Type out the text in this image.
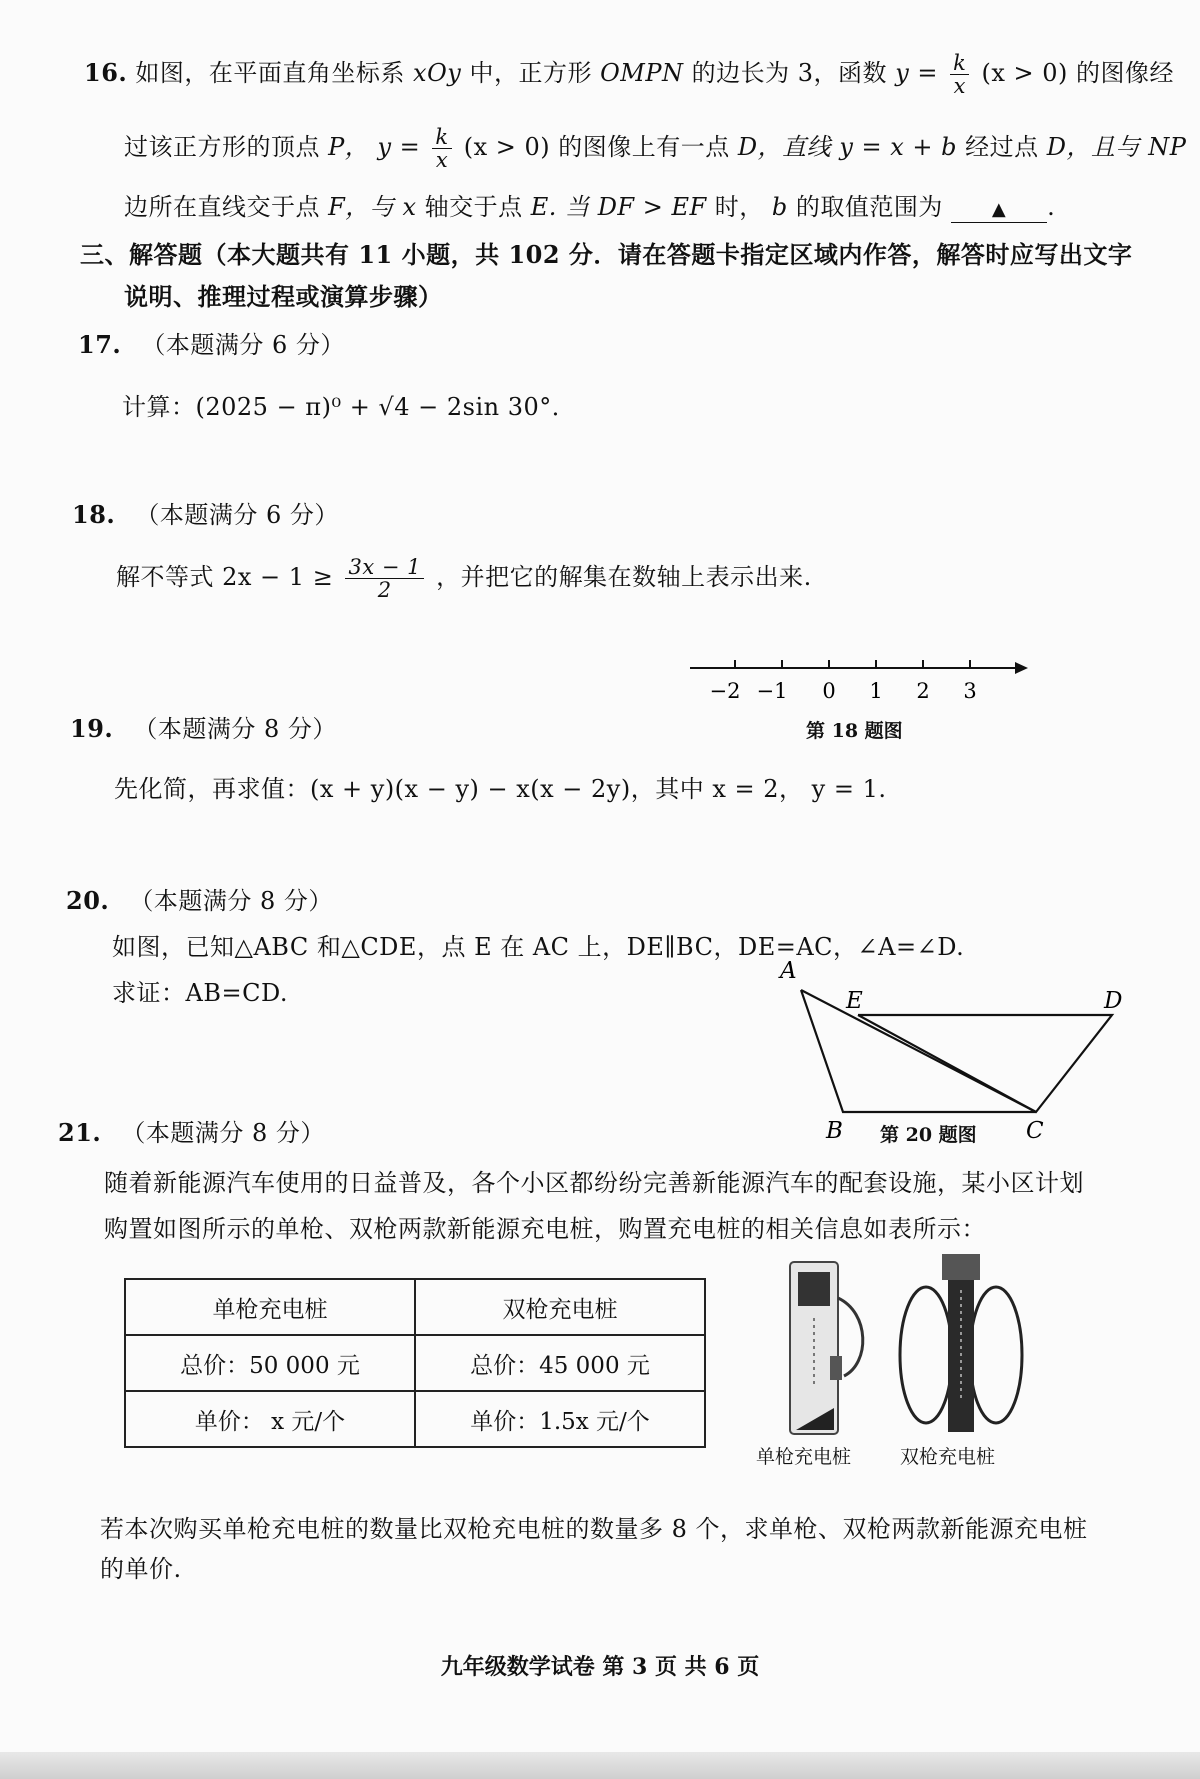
16. 如图，在平面直角坐标系 xOy 中，正方形 OMPN 的边长为 3，函数 $y = \frac{k}{x} (x > 0)$ 的图像经
过该正方形的顶点 P， $y = \frac{k}{x} (x > 0)$ 的图像上有一点 D，直线 y = x + b 经过点 D，且与 NP
边所在直线交于点 F，与 x 轴交于点 E. 当 DF > EF 时， b 的取值范围为	▲ .
三、解答题（本大题共有 11 小题，共 102 分．请在答题卡指定区域内作答，解答时应写出文字
说明、推理过程或演算步骤）
17. （本题满分 6 分）
计算：(2025 − π)⁰ + √4 − 2sin 30°．
18. （本题满分 6 分）
解不等式 $2x - 1 \ge \frac{3x - 1}{2}$ ，并把它的解集在数轴上表示出来.
−2 −1 0 1 2 3
第 18 题图
19. （本题满分 8 分）
先化简，再求值：(x + y)(x − y) − x(x − 2y)，其中 x = 2， y = 1.
20. （本题满分 8 分）
如图，已知△ABC 和△CDE，点 E 在 AC 上，DE∥BC，DE=AC，∠A=∠D.
求证：AB=CD.
A
E	D
B	C
第 20 题图
21. （本题满分 8 分）
随着新能源汽车使用的日益普及，各个小区都纷纷完善新能源汽车的配套设施，某小区计划
购置如图所示的单枪、双枪两款新能源充电桩，购置充电桩的相关信息如表所示：
单枪充电桩	双枪充电桩
总价：50 000 元	总价：45 000 元
单价： x 元/个	单价：1.5x 元/个
单枪充电桩	双枪充电桩
若本次购买单枪充电桩的数量比双枪充电桩的数量多 8 个，求单枪、双枪两款新能源充电桩
的单价.
九年级数学试卷 第 3 页 共 6 页
